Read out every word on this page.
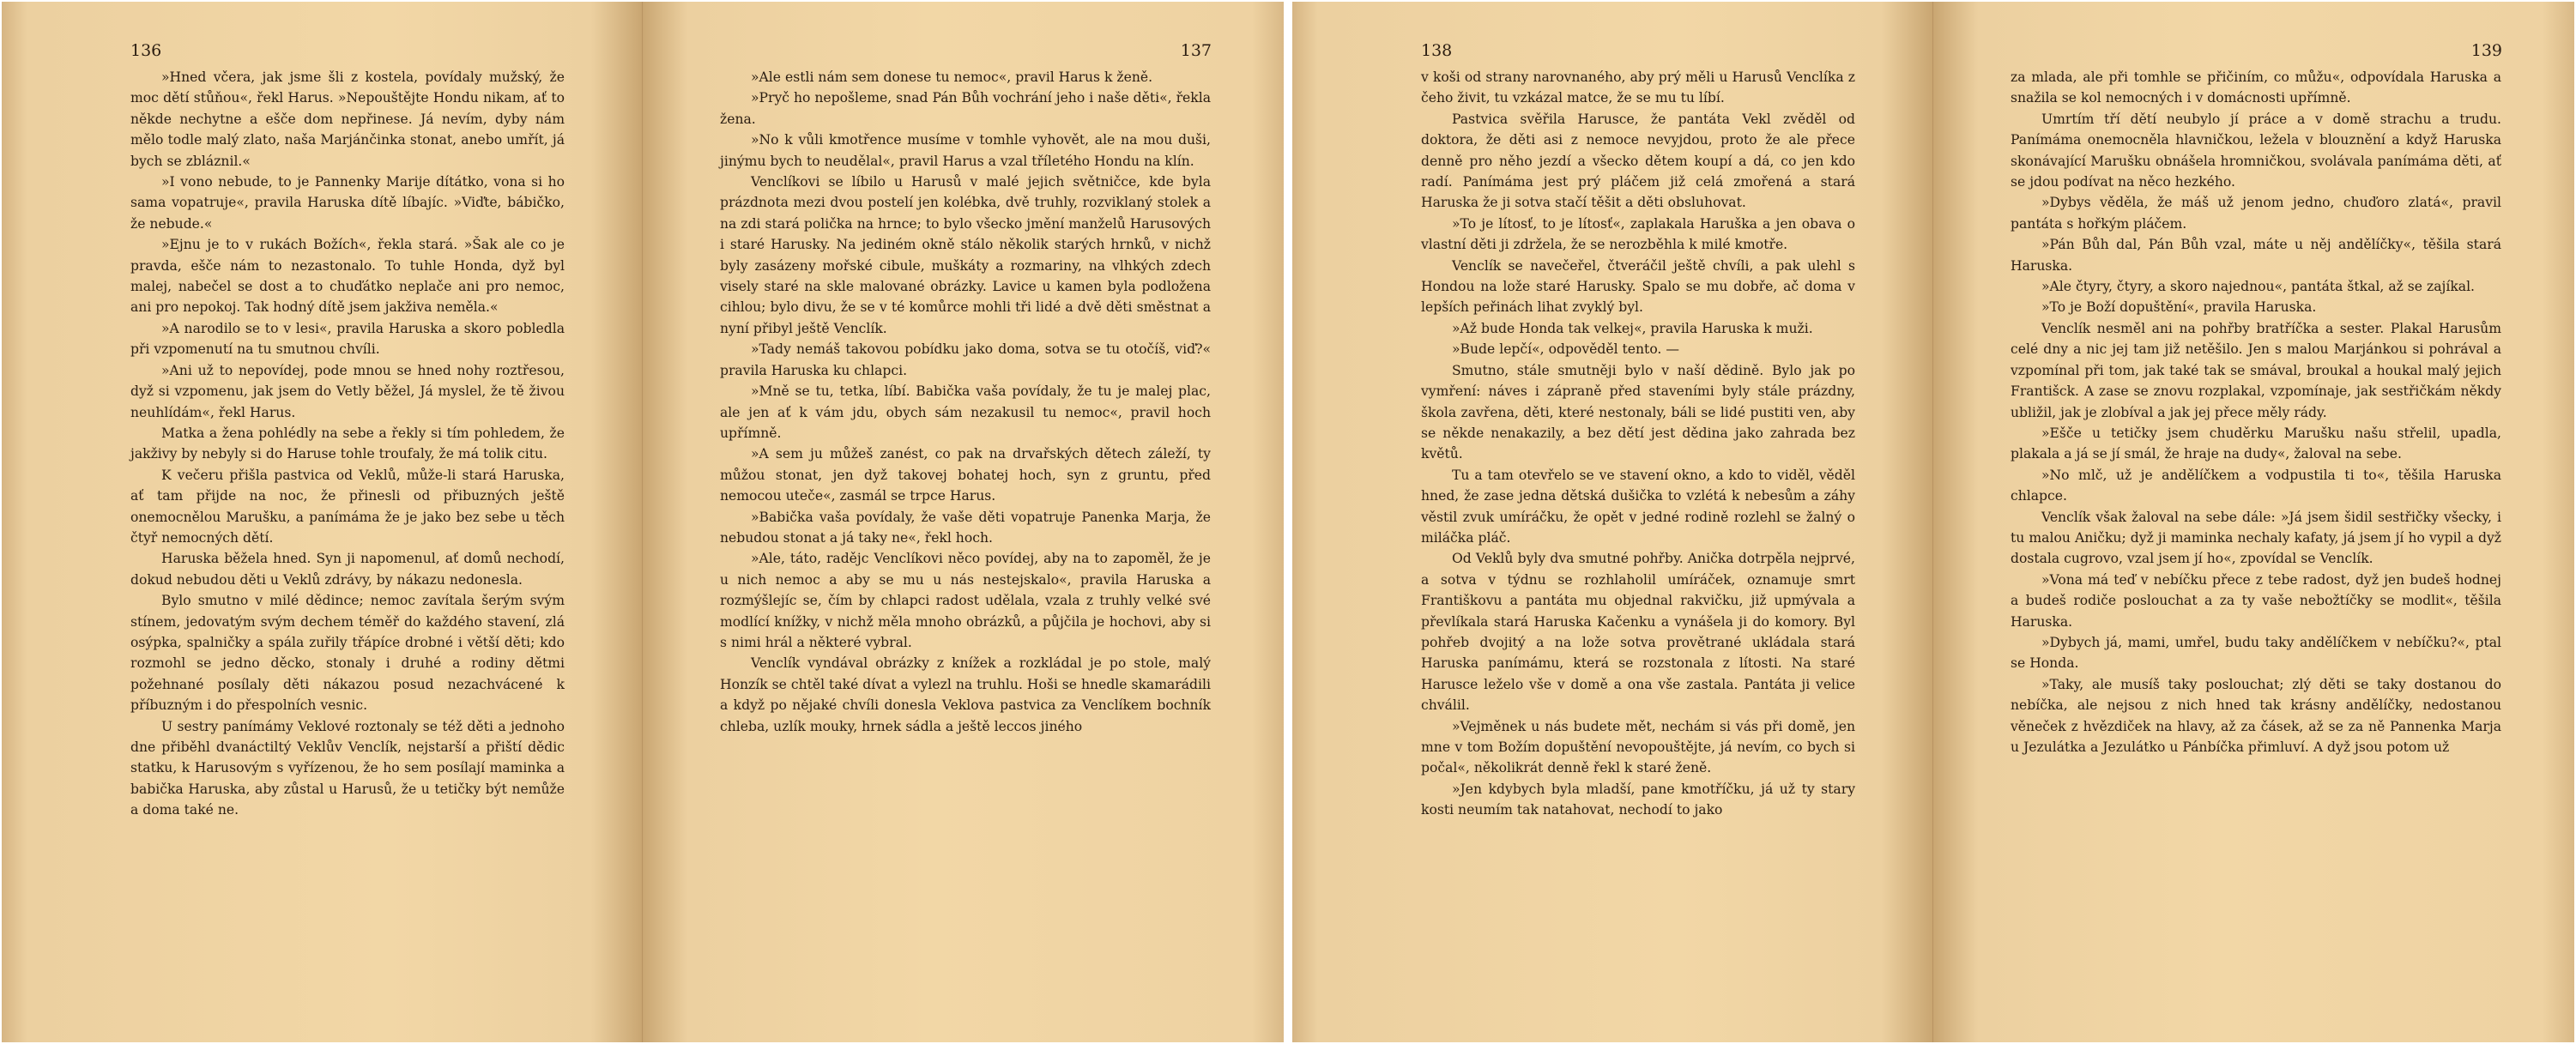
136

»Hned včera, jak jsme šli z kostela, povídaly mužský, že moc dětí stůňou«, řekl Harus. »Nepouštějte Hondu nikam, ať to někde nechytne a ešče dom nepřinese. Já nevím, dyby nám mělo todle malý zlato, naša Marjánčinka stonat, anebo umřít, já bych se zbláznil.«

»I vono nebude, to je Pannenky Marije dítátko, vona si ho sama vopatruje«, pravila Haruska dítě líbajíc. »Viďte, bábičko, že nebude.«

»Ejnu je to v rukách Božích«, řekla stará. »Šak ale co je pravda, ešče nám to nezastonalo. To tuhle Honda, dyž byl malej, nabečel se dost a to chuďátko neplače ani pro nemoc, ani pro nepokoj. Tak hodný dítě jsem jakživa neměla.«

»A narodilo se to v lesi«, pravila Haruska a skoro pobledla při vzpomenutí na tu smutnou chvíli.

»Ani už to nepovídej, pode mnou se hned nohy roztřesou, dyž si vzpomenu, jak jsem do Vetly běžel, Já myslel, že tě živou neuhlídám«, řekl Harus.

Matka a žena pohlédly na sebe a řekly si tím pohledem, že jakživy by nebyly si do Haruse tohle troufaly, že má tolik citu.

K večeru přišla pastvica od Veklů, může-li stará Haruska, ať tam přijde na noc, že přinesli od přibuzných ještě onemocnělou Marušku, a panímáma že je jako bez sebe u těch čtyř nemocných dětí.

Haruska běžela hned. Syn ji napomenul, ať domů nechodí, dokud nebudou děti u Veklů zdrávy, by nákazu nedonesla.

Bylo smutno v milé dědince; nemoc zavítala šerým svým stínem, jedovatým svým dechem téměř do každého stavení, zlá osýpka, spalničky a spála zuřily třápíce drobné i větší děti; kdo rozmohl se jedno děcko, stonaly i druhé a rodiny dětmi požehnané posílaly děti nákazou posud nezachvácené k příbuzným i do přespolních vesnic.

U sestry panímámy Veklové roztonaly se též děti a jednoho dne přiběhl dvanáctiltý Veklův Venclík, nejstarší a přiští dědic statku, k Harusovým s vyřízenou, že ho sem posílají maminka a babička Haruska, aby zůstal u Harusů, že u tetičky být nemůže a doma také ne.

137

»Ale estli nám sem donese tu nemoc«, pravil Harus k ženě.

»Pryč ho nepošleme, snad Pán Bůh vochrání jeho i naše děti«, řekla žena.

»No k vůli kmotřence musíme v tomhle vyhovět, ale na mou duši, jinýmu bych to neudělal«, pravil Harus a vzal tříletého Hondu na klín.

Venclíkovi se líbilo u Harusů v malé jejich světničce, kde byla prázdnota mezi dvou postelí jen kolébka, dvě truhly, rozviklaný stolek a na zdi stará polička na hrnce; to bylo všecko jmění manželů Harusových i staré Harusky. Na jediném okně stálo několik starých hrnků, v nichž byly zasázeny mořské cibule, muškáty a rozmariny, na vlhkých zdech visely staré na skle malované obrázky. Lavice u kamen byla podložena cihlou; bylo divu, že se v té komůrce mohli tři lidé a dvě děti směstnat a nyní přibyl ještě Venclík.

»Tady nemáš takovou pobídku jako doma, sotva se tu otočíš, viď?« pravila Haruska ku chlapci.

»Mně se tu, tetka, líbí. Babička vaša povídaly, že tu je malej plac, ale jen ať k vám jdu, obych sám nezakusil tu nemoc«, pravil hoch upřímně.

»A sem ju můžeš zanést, co pak na drvařských dětech záleží, ty můžou stonat, jen dyž takovej bohatej hoch, syn z gruntu, před nemocou uteče«, zasmál se trpce Harus.

»Babička vaša povídaly, že vaše děti vopatruje Panenka Marja, že nebudou stonat a já taky ne«, řekl hoch.

»Ale, táto, radějc Venclíkovi něco povídej, aby na to zapoměl, že je u nich nemoc a aby se mu u nás nestejskalo«, pravila Haruska a rozmýšlejíc se, čím by chlapci radost udělala, vzala z truhly velké své modlící knížky, v nichž měla mnoho obrázků, a půjčila je hochovi, aby si s nimi hrál a některé vybral.

Venclík vyndával obrázky z knížek a rozkládal je po stole, malý Honzík se chtěl také dívat a vylezl na truhlu. Hoši se hnedle skamarádili a když po nějaké chvíli donesla Veklova pastvica za Venclíkem bochník chleba, uzlík mouky, hrnek sádla a ještě leccos jiného

138

v koši od strany narovnaného, aby prý měli u Harusů Venclíka z čeho živit, tu vzkázal matce, že se mu tu líbí.

Pastvica svěřila Harusce, že pantáta Vekl zvěděl od doktora, že děti asi z nemoce nevyjdou, proto že ale přece denně pro něho jezdí a všecko dětem koupí a dá, co jen kdo radí. Panímáma jest prý pláčem již celá zmořená a stará Haruska že ji sotva stačí těšit a děti obsluhovat.

»To je lítosť, to je lítosť«, zaplakala Haruška a jen obava o vlastní děti ji zdržela, že se nerozběhla k milé kmotře.

Venclík se navečeřel, čtveráčil ještě chvíli, a pak ulehl s Hondou na lože staré Harusky. Spalo se mu dobře, ač doma v lepších peřinách lihat zvyklý byl.

»Až bude Honda tak velkej«, pravila Haruska k muži.

»Bude lepčí«, odpověděl tento. —

Smutno, stále smutněji bylo v naší dědině. Bylo jak po vymření: náves i zápraně před staveními byly stále prázdny, škola zavřena, děti, které nestonaly, báli se lidé pustiti ven, aby se někde nenakazily, a bez dětí jest dědina jako zahrada bez květů.

Tu a tam otevřelo se ve stavení okno, a kdo to viděl, věděl hned, že zase jedna dětská dušička to vzlétá k nebesům a záhy věstil zvuk umíráčku, že opět v jedné rodině rozlehl se žalný o miláčka pláč.

Od Veklů byly dva smutné pohřby. Anička dotrpěla nejprvé, a sotva v týdnu se rozhlaholil umíráček, oznamuje smrt Františkovu a pantáta mu objednal rakvičku, již upmývala a převlíkala stará Haruska Kačenku a vynášela ji do komory. Byl pohřeb dvojitý a na lože sotva provětrané ukládala stará Haruska panímámu, která se rozstonala z lítosti. Na staré Harusce leželo vše v domě a ona vše zastala. Pantáta ji velice chválil.

»Vejměnek u nás budete mět, nechám si vás při domě, jen mne v tom Božím dopuštění nevopouštějte, já nevím, co bych si počal«, několikrát denně řekl k staré ženě.

»Jen kdybych byla mladší, pane kmotříčku, já už ty stary kosti neumím tak natahovat, nechodí to jako

139

za mlada, ale při tomhle se přičiním, co můžu«, odpovídala Haruska a snažila se kol nemocných i v domácnosti upřímně.

Umrtím tří dětí neubylo jí práce a v domě strachu a trudu. Panímáma onemocněla hlavničkou, ležela v blouznění a když Haruska skonávající Marušku obnášela hromničkou, svolávala panímáma děti, ať se jdou podívat na něco hezkého.

»Dybys věděla, že máš už jenom jedno, chuďoro zlatá«, pravil pantáta s hořkým pláčem.

»Pán Bůh dal, Pán Bůh vzal, máte u něj andělíčky«, těšila stará Haruska.

»Ale čtyry, čtyry, a skoro najednou«, pantáta štkal, až se zajíkal.

»To je Boží dopuštění«, pravila Haruska.

Venclík nesměl ani na pohřby bratříčka a sester. Plakal Harusům celé dny a nic jej tam již netěšilo. Jen s malou Marjánkou si pohrával a vzpomínal při tom, jak také tak se smával, broukal a houkal malý jejich Františck. A zase se znovu rozplakal, vzpomínaje, jak sestřičkám někdy ubližil, jak je zlobíval a jak jej přece měly rády.

»Ešče u tetičky jsem chuděrku Marušku našu střelil, upadla, plakala a já se jí smál, že hraje na dudy«, žaloval na sebe.

»No mlč, už je andělíčkem a vodpustila ti to«, těšila Haruska chlapce.

Venclík však žaloval na sebe dále: »Já jsem šidil sestřičky všecky, i tu malou Aničku; dyž ji maminka nechaly kafaty, já jsem jí ho vypil a dyž dostala cugrovo, vzal jsem jí ho«, zpovídal se Venclík.

»Vona má teď v nebíčku přece z tebe radost, dyž jen budeš hodnej a budeš rodiče poslouchat a za ty vaše nebožtíčky se modlit«, těšila Haruska.

»Dybych já, mami, umřel, budu taky andělíčkem v nebíčku?«, ptal se Honda.

»Taky, ale musíš taky poslouchat; zlý děti se taky dostanou do nebíčka, ale nejsou z nich hned tak krásny andělíčky, nedostanou věneček z hvězdiček na hlavy, až za čásek, až se za ně Pannenka Marja u Jezulátka a Jezulátko u Pánbíčka přimluví. A dyž jsou potom už
